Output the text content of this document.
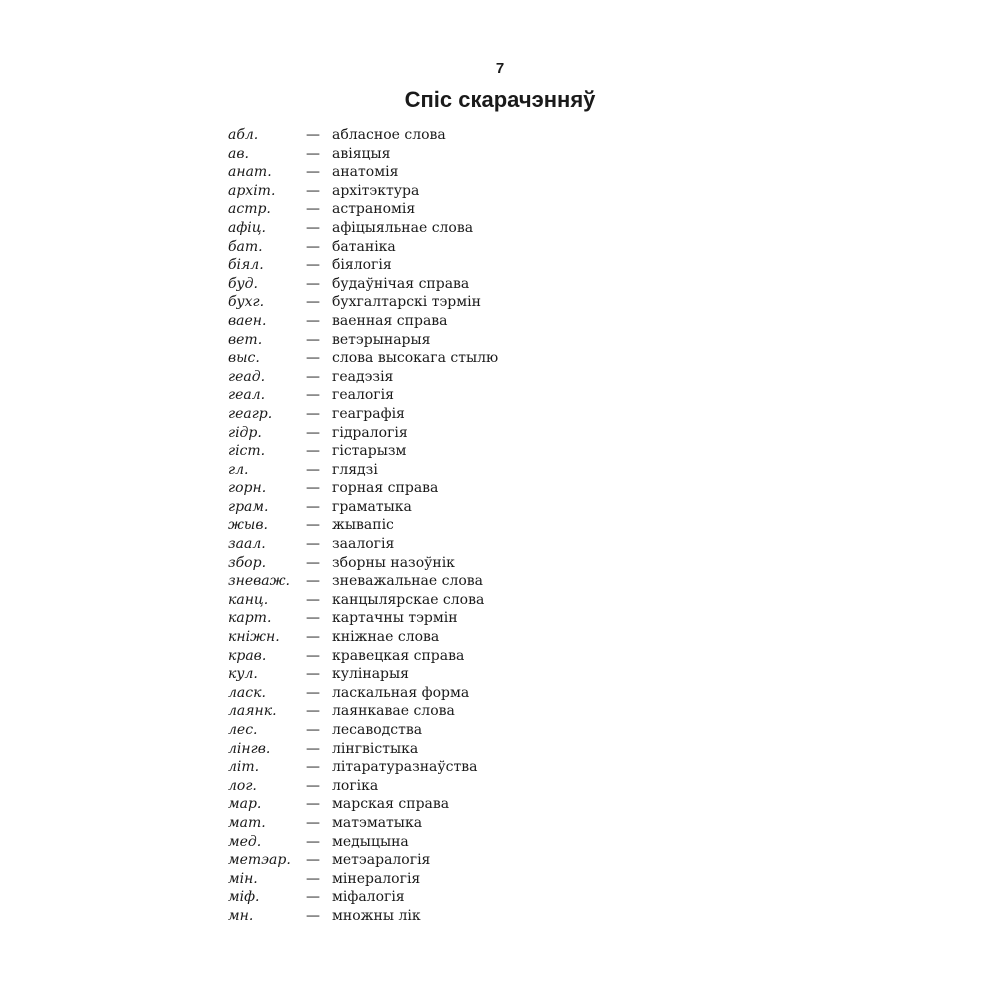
7
Спіс скарачэнняў
абл.	— абласное слова
ав.	— авіяцыя
анат.	— анатомія
архіт.	— архітэктура
астр.	— астраномія
афіц.	— афіцыяльнае слова
бат.	— батаніка
біял.	— біялогія
буд.	— будаўнічая справа
бухг.	— бухгалтарскі тэрмін
ваен.	— ваенная справа
вет.	— ветэрынарыя
выс.	— слова высокага стылю
геад.	— геадэзія
геал.	— геалогія
геагр.	— геаграфія
гідр.	— гідралогія
гіст.	— гістарызм
гл.	— глядзі
горн.	— горная справа
грам.	— граматыка
жыв.	— жывапіс
заал.	— заалогія
збор.	— зборны назоўнік
зневаж.	— зневажальнае слова
канц.	— канцылярскае слова
карт.	— картачны тэрмін
кніжн.	— кніжнае слова
крав.	— кравецкая справа
кул.	— кулінарыя
ласк.	— ласкальная форма
лаянк.	— лаянкавае слова
лес.	— лесаводства
лінгв.	— лінгвістыка
літ.	— літаратуразнаўства
лог.	— логіка
мар.	— марская справа
мат.	— матэматыка
мед.	— медыцына
метэар.	— метэаралогія
мін.	— мінералогія
міф.	— міфалогія
мн.	— множны лік
